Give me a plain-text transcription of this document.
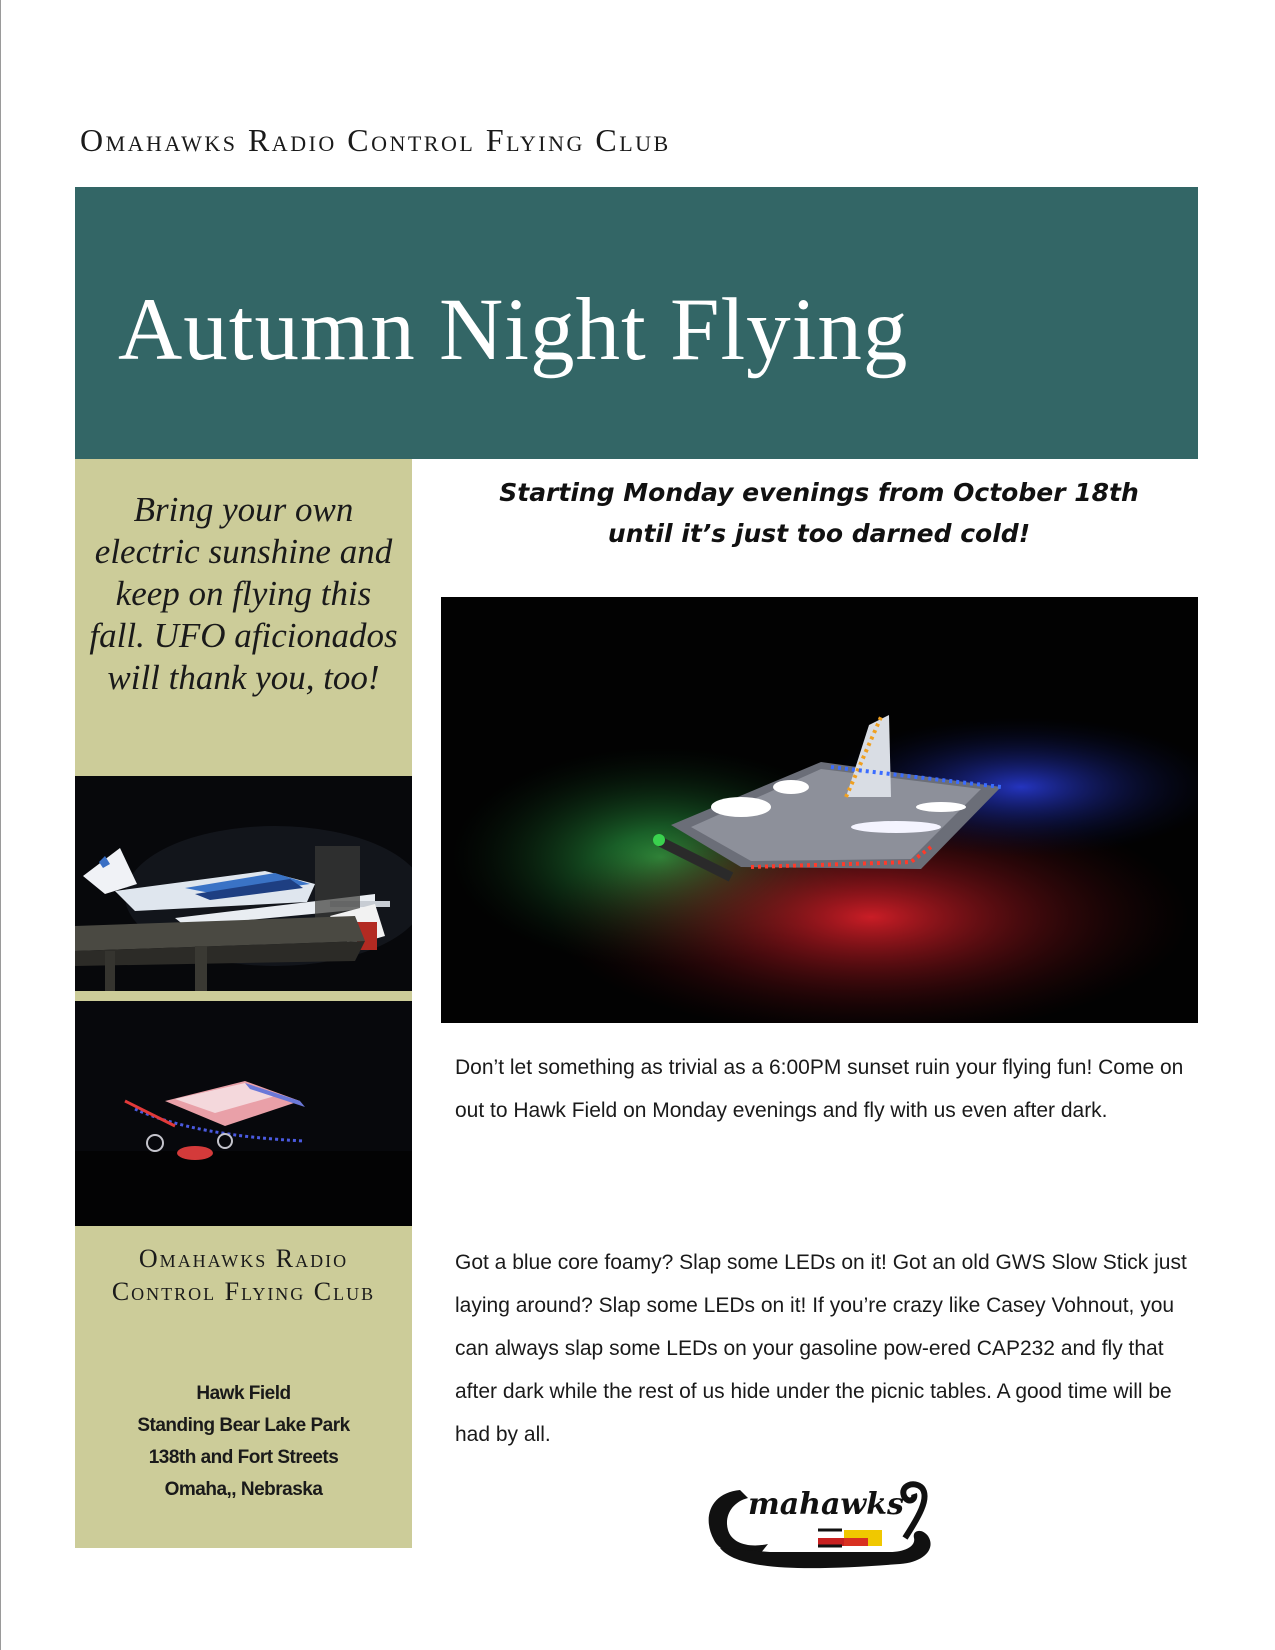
Omahawks Radio Control Flying Club
Autumn Night Flying

Bring your own electric sunshine and keep on flying this fall. UFO aficionados will thank you, too!

Omahawks Radio Control Flying Club

Hawk Field
Standing Bear Lake Park
138th and Fort Streets
Omaha,, Nebraska

Starting Monday evenings from October 18th
until it’s just too darned cold!

Don’t let something as trivial as a 6:00PM sunset ruin your flying fun! Come on out to Hawk Field on Monday evenings and fly with us even after dark.

Got a blue core foamy? Slap some LEDs on it! Got an old GWS Slow Stick just laying around? Slap some LEDs on it! If you’re crazy like Casey Vohnout, you can always slap some LEDs on your gasoline pow-ered CAP232 and fly that after dark while the rest of us hide under the picnic tables. A good time will be had by all.

mahawks
